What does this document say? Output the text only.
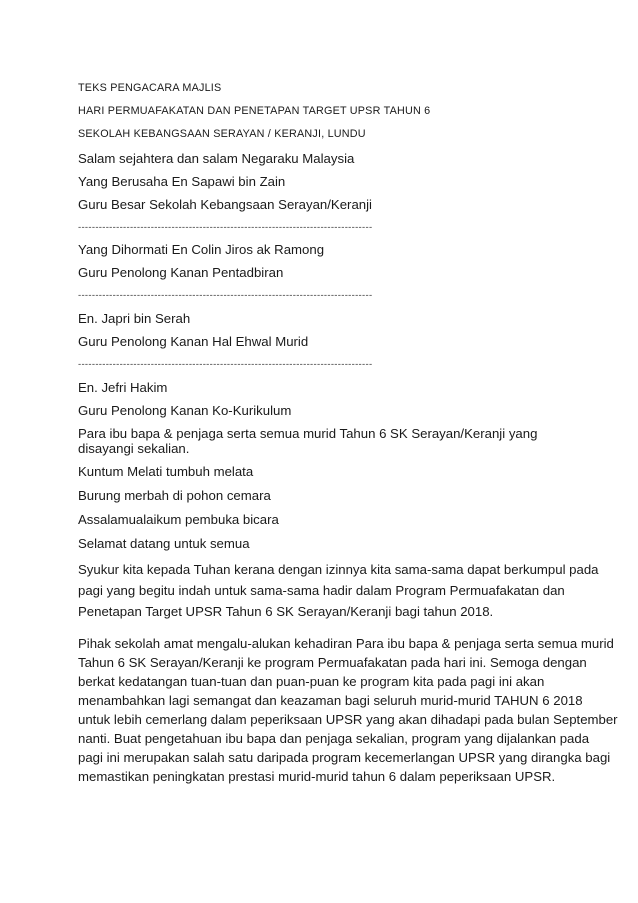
TEKS PENGACARA MAJLIS
HARI PERMUAFAKATAN DAN PENETAPAN TARGET UPSR TAHUN 6
SEKOLAH KEBANGSAAN SERAYAN / KERANJI, LUNDU
Salam sejahtera dan salam Negaraku Malaysia
Yang Berusaha En Sapawi bin Zain
Guru Besar Sekolah Kebangsaan Serayan/Keranji
-------------------------------------------------------------------------------------
Yang Dihormati En Colin Jiros ak Ramong
Guru Penolong Kanan Pentadbiran
-------------------------------------------------------------------------------------
En. Japri bin Serah
Guru Penolong Kanan Hal Ehwal Murid
-------------------------------------------------------------------------------------
En. Jefri Hakim
Guru Penolong Kanan Ko-Kurikulum
Para ibu bapa & penjaga serta semua murid Tahun 6 SK Serayan/Keranji yang disayangi sekalian.
Kuntum Melati tumbuh melata
Burung merbah di pohon cemara
Assalamualaikum pembuka bicara
Selamat datang untuk semua
Syukur kita kepada Tuhan kerana dengan izinnya kita sama-sama dapat berkumpul pada
pagi yang begitu indah untuk sama-sama hadir dalam Program Permuafakatan dan
Penetapan Target UPSR Tahun 6 SK Serayan/Keranji bagi tahun 2018.
Pihak sekolah amat mengalu-alukan kehadiran Para ibu bapa & penjaga serta semua murid
Tahun 6 SK Serayan/Keranji ke program Permuafakatan pada hari ini. Semoga dengan
berkat kedatangan tuan-tuan dan puan-puan ke program kita pada pagi ini akan
menambahkan lagi semangat dan keazaman bagi seluruh murid-murid TAHUN 6 2018
untuk lebih cemerlang dalam peperiksaan UPSR yang akan dihadapi pada bulan September
nanti. Buat pengetahuan ibu bapa dan penjaga sekalian, program yang dijalankan pada
pagi ini merupakan salah satu daripada program kecemerlangan UPSR yang dirangka bagi
memastikan peningkatan prestasi murid-murid tahun 6 dalam peperiksaan UPSR.
